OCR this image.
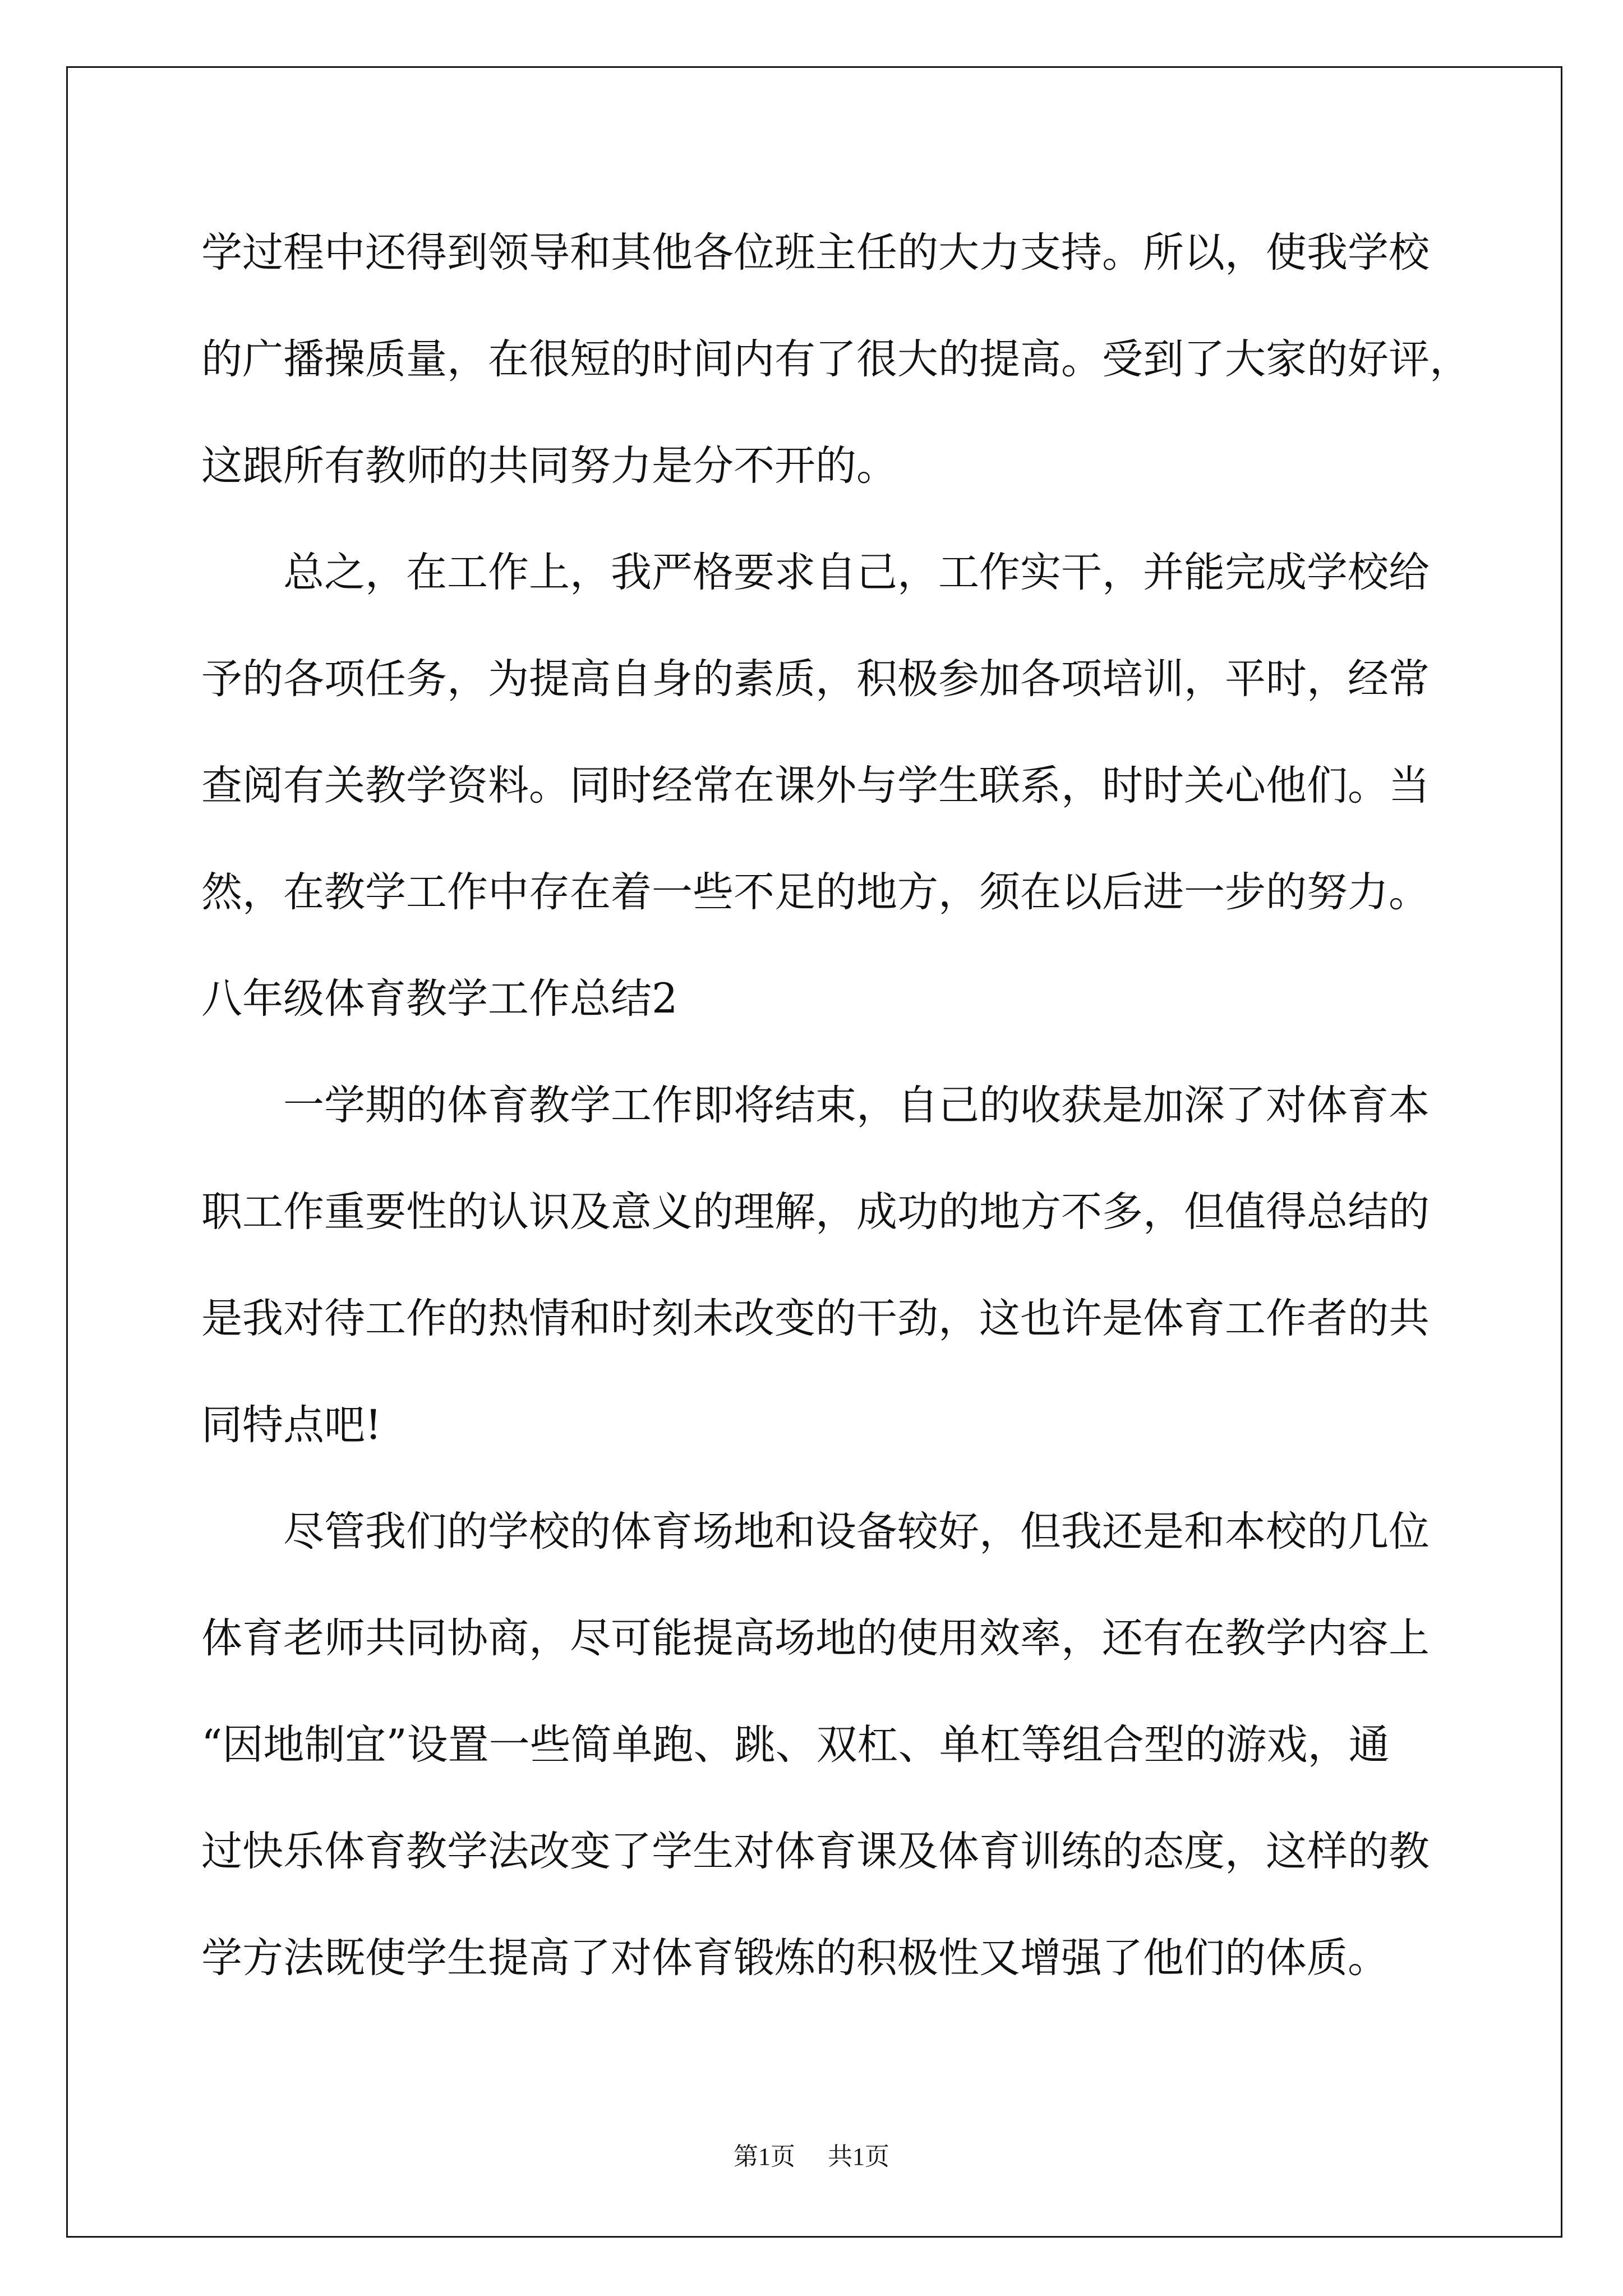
学过程中还得到领导和其他各位班主任的大力支持。所以，使我学校
的广播操质量，在很短的时间内有了很大的提高。受到了大家的好评，
这跟所有教师的共同努力是分不开的。
总之，在工作上，我严格要求自己，工作实干，并能完成学校给
予的各项任务，为提高自身的素质，积极参加各项培训，平时，经常
查阅有关教学资料。同时经常在课外与学生联系，时时关心他们。当
然，在教学工作中存在着一些不足的地方，须在以后进一步的努力。
八年级体育教学工作总结2
一学期的体育教学工作即将结束，自己的收获是加深了对体育本
职工作重要性的认识及意义的理解，成功的地方不多，但值得总结的
是我对待工作的热情和时刻未改变的干劲，这也许是体育工作者的共
同特点吧!
尽管我们的学校的体育场地和设备较好，但我还是和本校的几位
体育老师共同协商，尽可能提高场地的使用效率，还有在教学内容上
“因地制宜”设置一些简单跑、跳、双杠、单杠等组合型的游戏，通
过快乐体育教学法改变了学生对体育课及体育训练的态度，这样的教
学方法既使学生提高了对体育锻炼的积极性又增强了他们的体质。
第1页 共1页
